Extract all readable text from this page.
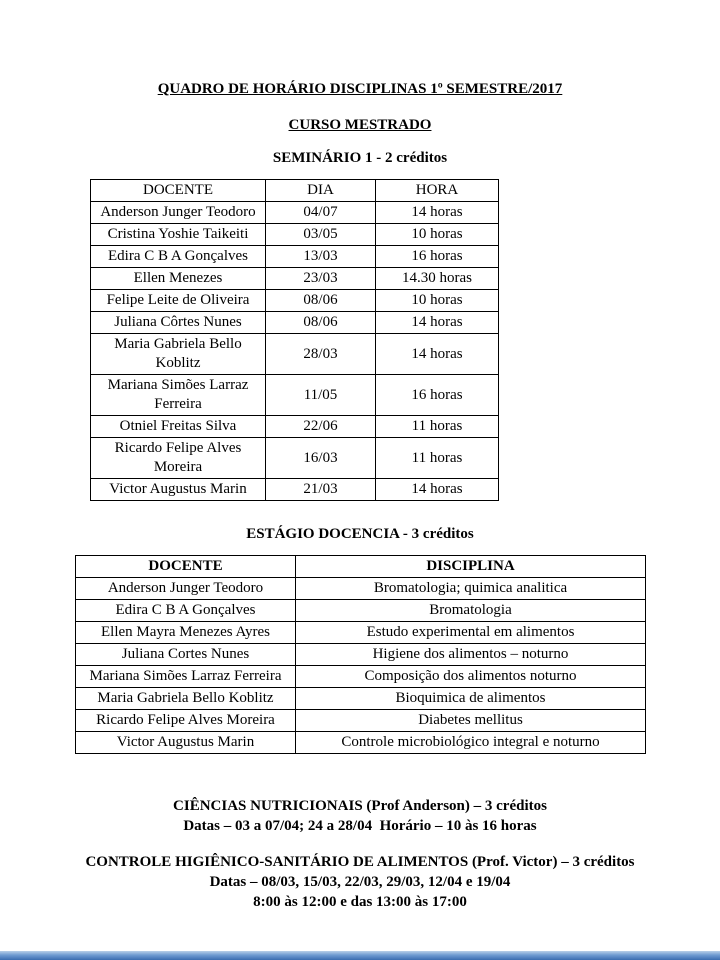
QUADRO DE HORÁRIO DISCIPLINAS 1º SEMESTRE/2017
CURSO MESTRADO
SEMINÁRIO 1 - 2 créditos
DOCENTE	DIA	HORA
Anderson Junger Teodoro	04/07	14 horas
Cristina Yoshie Taikeiti	03/05	10 horas
Edira C B A Gonçalves	13/03	16 horas
Ellen Menezes	23/03	14.30 horas
Felipe Leite de Oliveira	08/06	10 horas
Juliana Côrtes Nunes	08/06	14 horas
Maria Gabriela Bello Koblitz	28/03	14 horas
Mariana Simões Larraz Ferreira	11/05	16 horas
Otniel Freitas Silva	22/06	11 horas
Ricardo Felipe Alves Moreira	16/03	11 horas
Victor Augustus Marin	21/03	14 horas
ESTÁGIO DOCENCIA - 3 créditos
DOCENTE	DISCIPLINA
Anderson Junger Teodoro	Bromatologia; quimica analitica
Edira C B A Gonçalves	Bromatologia
Ellen Mayra Menezes Ayres	Estudo experimental em alimentos
Juliana Cortes Nunes	Higiene dos alimentos – noturno
Mariana Simões Larraz Ferreira	Composição dos alimentos noturno
Maria Gabriela Bello Koblitz	Bioquimica de alimentos
Ricardo Felipe Alves Moreira	Diabetes mellitus
Victor Augustus Marin	Controle microbiológico integral e noturno

CIÊNCIAS NUTRICIONAIS (Prof Anderson) – 3 créditos

Datas – 03 a 07/04; 24 a 28/04  Horário – 10 às 16 horas

CONTROLE HIGIÊNICO-SANITÁRIO DE ALIMENTOS (Prof. Victor) – 3 créditos

Datas – 08/03, 15/03, 22/03, 29/03, 12/04 e 19/04

8:00 às 12:00 e das 13:00 às 17:00
